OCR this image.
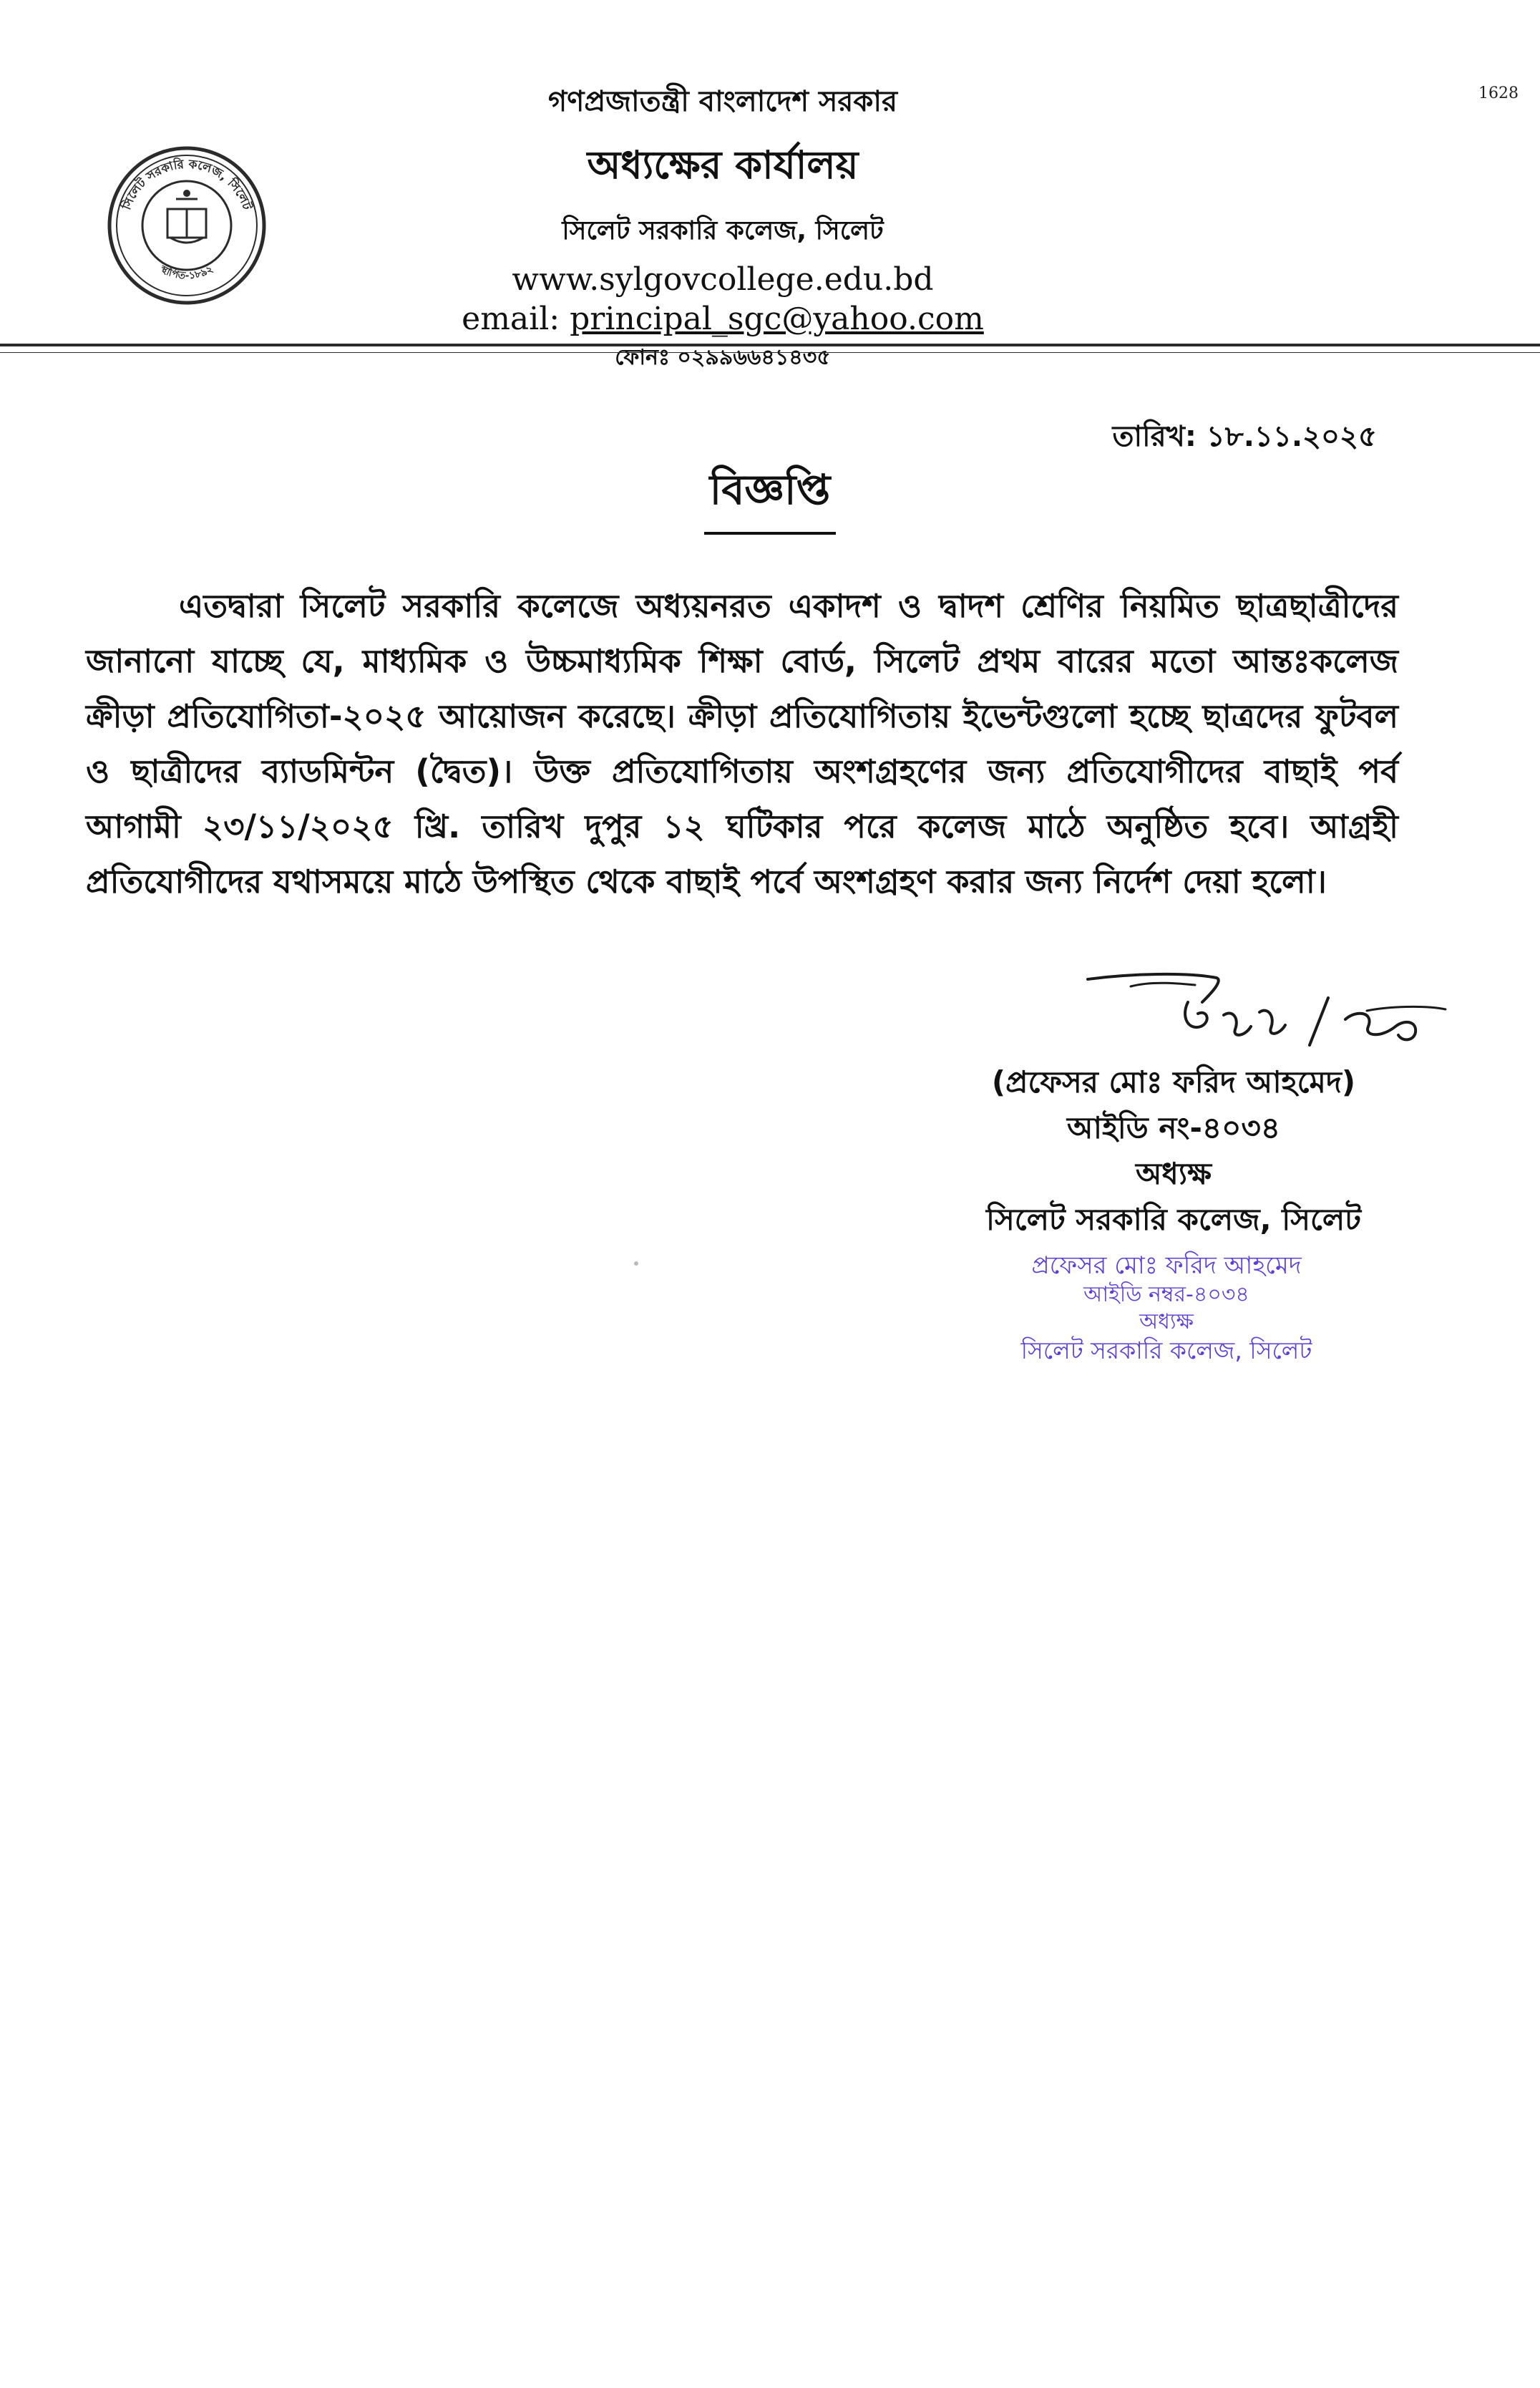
1628
সিলেট সরকারি কলেজ, সিলেট
স্থাপিত-১৮৯২
গণপ্রজাতন্ত্রী বাংলাদেশ সরকার
অধ্যক্ষের কার্যালয়
সিলেট সরকারি কলেজ, সিলেট
www.sylgovcollege.edu.bd
email: principal_sgc@yahoo.com
ফোনঃ ০২৯৯৬৬৪১৪৩৫
তারিখ: ১৮.১১.২০২৫
বিজ্ঞপ্তি
এতদ্বারা সিলেট সরকারি কলেজে অধ্যয়নরত একাদশ ও দ্বাদশ শ্রেণির নিয়মিত ছাত্রছাত্রীদের জানানো যাচ্ছে যে, মাধ্যমিক ও উচ্চমাধ্যমিক শিক্ষা বোর্ড, সিলেট প্রথম বারের মতো আন্তঃকলেজ ক্রীড়া প্রতিযোগিতা-২০২৫ আয়োজন করেছে। ক্রীড়া প্রতিযোগিতায় ইভেন্টগুলো হচ্ছে ছাত্রদের ফুটবল ও ছাত্রীদের ব্যাডমিন্টন (দ্বৈত)। উক্ত প্রতিযোগিতায় অংশগ্রহণের জন্য প্রতিযোগীদের বাছাই পর্ব আগামী ২৩/১১/২০২৫ খ্রি. তারিখ দুপুর ১২ ঘটিকার পরে কলেজ মাঠে অনুষ্ঠিত হবে। আগ্রহী প্রতিযোগীদের যথাসময়ে মাঠে উপস্থিত থেকে বাছাই পর্বে অংশগ্রহণ করার জন্য নির্দেশ দেয়া হলো।
(প্রফেসর মোঃ ফরিদ আহমেদ)
আইডি নং-৪০৩৪
অধ্যক্ষ
সিলেট সরকারি কলেজ, সিলেট
প্রফেসর মোঃ ফরিদ আহমেদ
আইডি নম্বর-৪০৩৪
অধ্যক্ষ
সিলেট সরকারি কলেজ, সিলেট
